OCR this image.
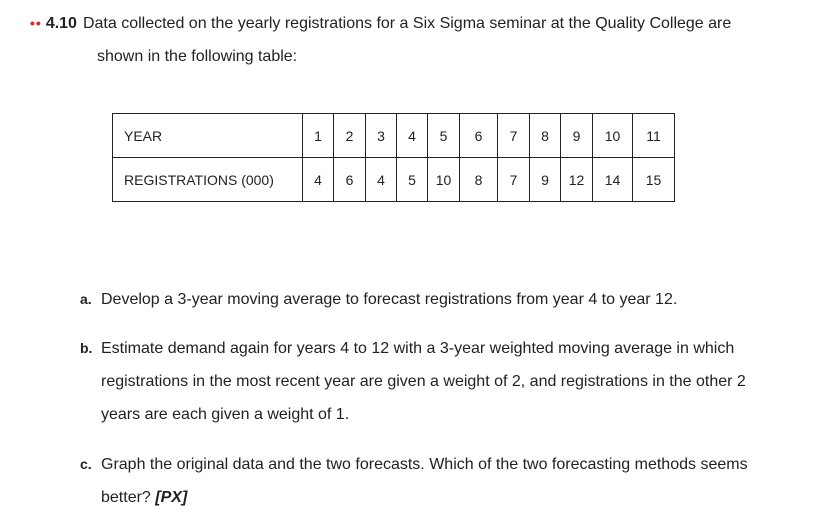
•• 4.10 Data collected on the yearly registrations for a Six Sigma seminar at the Quality College are
shown in the following table:
YEAR	1	2	3	4	5	6	7	8	9	10	11
REGISTRATIONS (000)	4	6	4	5	10	8	7	9	12	14	15
a. Develop a 3-year moving average to forecast registrations from year 4 to year 12.
b. Estimate demand again for years 4 to 12 with a 3-year weighted moving average in which
registrations in the most recent year are given a weight of 2, and registrations in the other 2
years are each given a weight of 1.
c. Graph the original data and the two forecasts. Which of the two forecasting methods seems
better? [PX]
